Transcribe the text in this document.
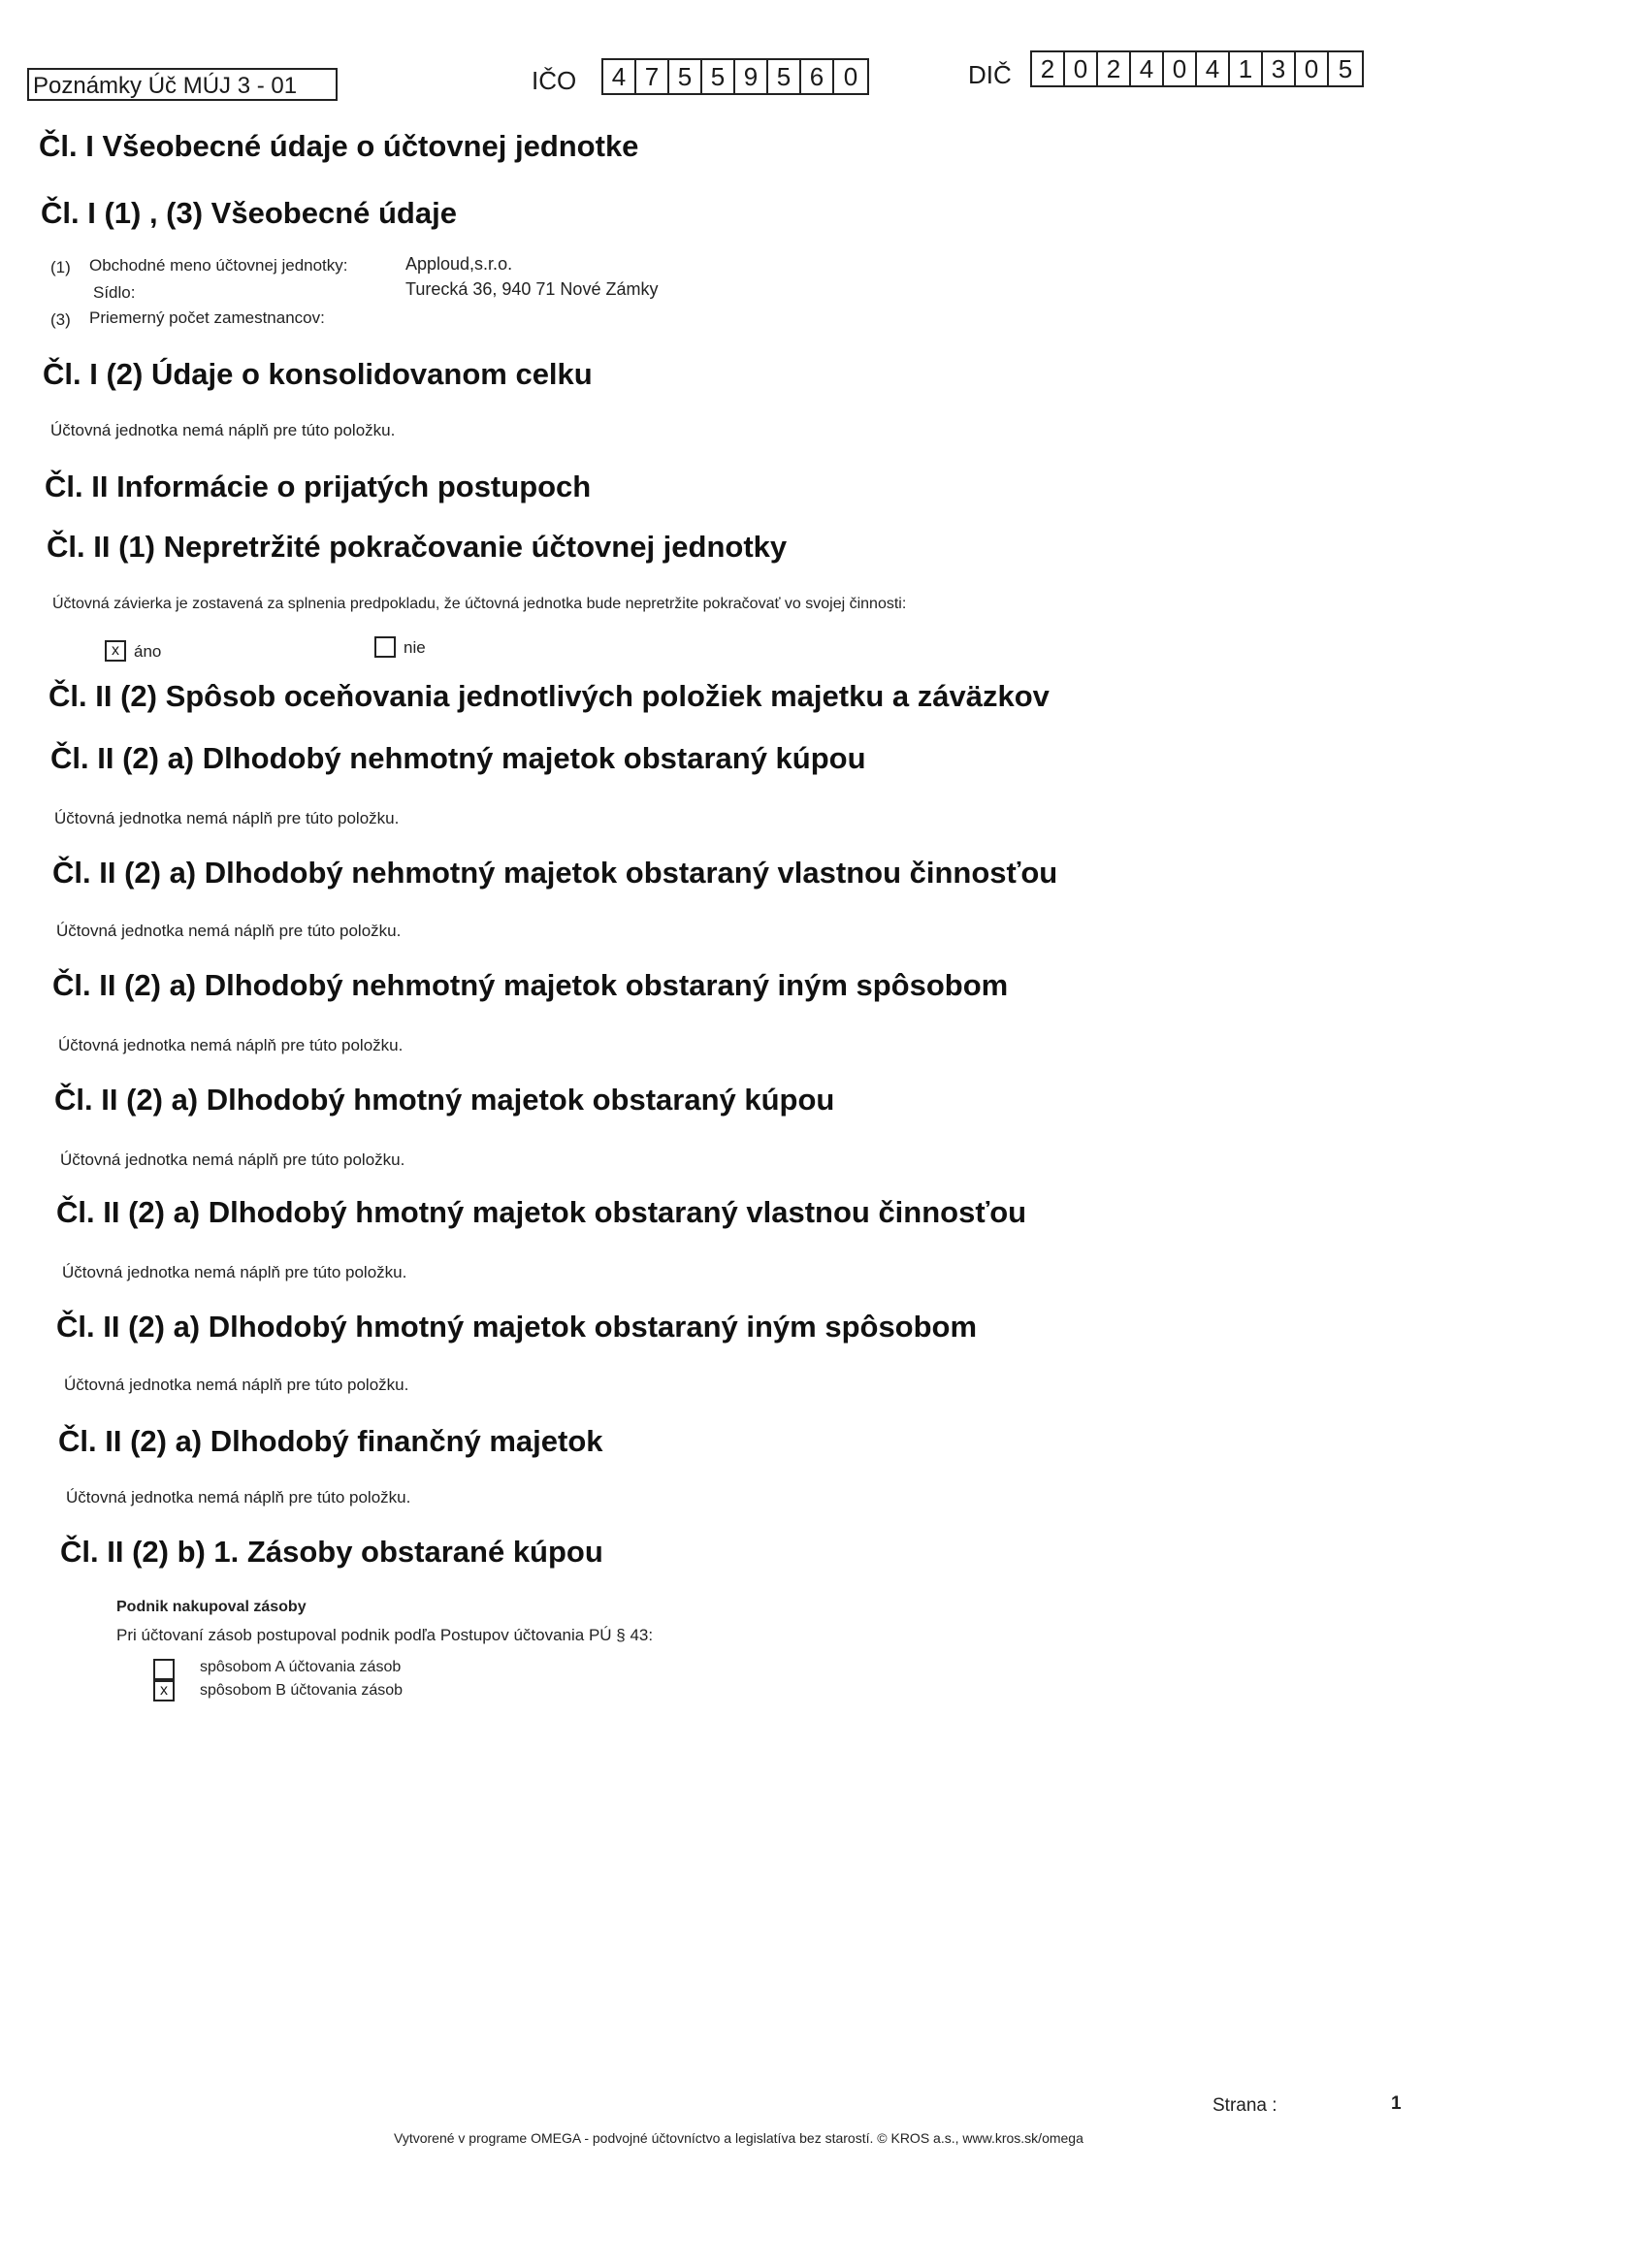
Poznámky Úč MÚJ 3 - 01	IČO	4 7 5 5 9 5 6 0	DIČ	2 0 2 4 0 4 1 3 0 5
Čl. I Všeobecné údaje o účtovnej jednotke
Čl. I (1) , (3) Všeobecné údaje
(1) Obchodné meno účtovnej jednotky:	Apploud,s.r.o.
Sídlo:	Turecká 36, 940 71 Nové Zámky
(3) Priemerný počet zamestnancov:
Čl. I (2) Údaje o konsolidovanom celku
Účtovná jednotka nemá náplň pre túto položku.
Čl. II Informácie o prijatých postupoch
Čl. II (1) Nepretržité pokračovanie účtovnej jednotky
Účtovná závierka je zostavená za splnenia predpokladu, že účtovná jednotka bude nepretržite pokračovať vo svojej činnosti:
x áno	nie
Čl. II (2) Spôsob oceňovania jednotlivých položiek majetku a záväzkov
Čl. II (2) a) Dlhodobý nehmotný majetok obstaraný kúpou
Účtovná jednotka nemá náplň pre túto položku.
Čl. II (2) a) Dlhodobý nehmotný majetok obstaraný vlastnou činnosťou
Účtovná jednotka nemá náplň pre túto položku.
Čl. II (2) a) Dlhodobý nehmotný majetok obstaraný iným spôsobom
Účtovná jednotka nemá náplň pre túto položku.
Čl. II (2) a) Dlhodobý hmotný majetok obstaraný kúpou
Účtovná jednotka nemá náplň pre túto položku.
Čl. II (2) a) Dlhodobý hmotný majetok obstaraný vlastnou činnosťou
Účtovná jednotka nemá náplň pre túto položku.
Čl. II (2) a) Dlhodobý hmotný majetok obstaraný iným spôsobom
Účtovná jednotka nemá náplň pre túto položku.
Čl. II (2) a) Dlhodobý finančný majetok
Účtovná jednotka nemá náplň pre túto položku.
Čl. II (2) b) 1. Zásoby obstarané kúpou
Podnik nakupoval zásoby
Pri účtovaní zásob postupoval podnik podľa Postupov účtovania PÚ § 43:
spôsobom A účtovania zásob
x	spôsobom B účtovania zásob
Strana :	1
Vytvorené v programe OMEGA - podvojné účtovníctvo a legislatíva bez starostí. © KROS a.s., www.kros.sk/omega
